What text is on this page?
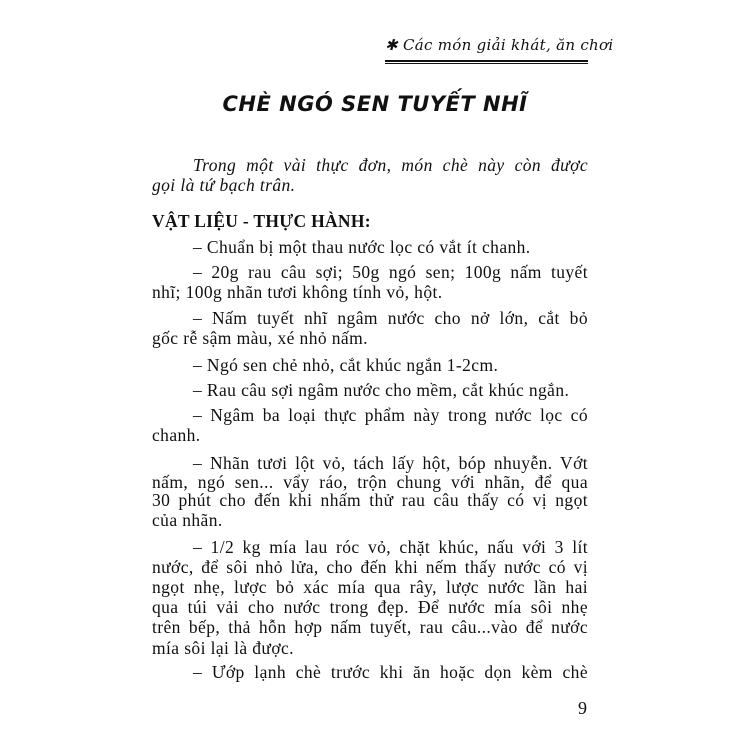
✱ Các món giải khát, ăn chơi
CHÈ NGÓ SEN TUYẾT NHĨ
Trong một vài thực đơn, món chè này còn được
gọi là tứ bạch trân.
– Chuẩn bị một thau nước lọc có vắt ít chanh.
– 20g rau câu sợi; 50g ngó sen; 100g nấm tuyết
nhĩ; 100g nhãn tươi không tính vỏ, hột.
– Nấm tuyết nhĩ ngâm nước cho nở lớn, cắt bỏ
gốc rễ sậm màu, xé nhỏ nấm.
– Ngó sen chẻ nhỏ, cắt khúc ngắn 1-2cm.
– Rau câu sợi ngâm nước cho mềm, cắt khúc ngắn.
– Ngâm ba loại thực phẩm này trong nước lọc có
chanh.
– Nhãn tươi lột vỏ, tách lấy hột, bóp nhuyễn. Vớt
nấm, ngó sen... vẩy ráo, trộn chung với nhãn, để qua
30 phút cho đến khi nhấm thử rau câu thấy có vị ngọt
của nhãn.
– 1/2 kg mía lau róc vỏ, chặt khúc, nấu với 3 lít
nước, để sôi nhỏ lửa, cho đến khi nếm thấy nước có vị
ngọt nhẹ, lược bỏ xác mía qua rây, lược nước lần hai
qua túi vải cho nước trong đẹp. Để nước mía sôi nhẹ
trên bếp, thả hỗn hợp nấm tuyết, rau câu...vào để nước
mía sôi lại là được.
– Ướp lạnh chè trước khi ăn hoặc dọn kèm chè
VẬT LIỆU - THỰC HÀNH:
9
